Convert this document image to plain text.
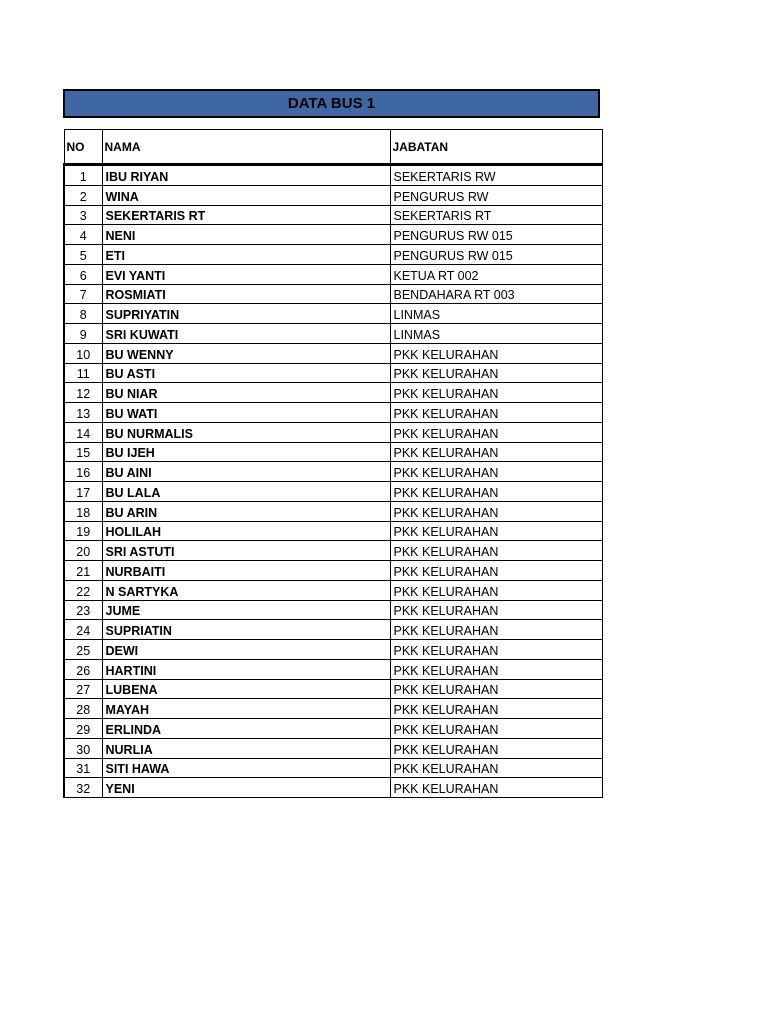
DATA BUS 1
NO	NAMA	JABATAN
1	IBU RIYAN	SEKERTARIS RW
2	WINA	PENGURUS RW
3	SEKERTARIS RT	SEKERTARIS RT
4	NENI	PENGURUS RW 015
5	ETI	PENGURUS RW 015
6	EVI YANTI	KETUA RT 002
7	ROSMIATI	BENDAHARA RT 003
8	SUPRIYATIN	LINMAS
9	SRI KUWATI	LINMAS
10	BU WENNY	PKK KELURAHAN
11	BU ASTI	PKK KELURAHAN
12	BU NIAR	PKK KELURAHAN
13	BU WATI	PKK KELURAHAN
14	BU NURMALIS	PKK KELURAHAN
15	BU IJEH	PKK KELURAHAN
16	BU AINI	PKK KELURAHAN
17	BU LALA	PKK KELURAHAN
18	BU ARIN	PKK KELURAHAN
19	HOLILAH	PKK KELURAHAN
20	SRI ASTUTI	PKK KELURAHAN
21	NURBAITI	PKK KELURAHAN
22	N SARTYKA	PKK KELURAHAN
23	JUME	PKK KELURAHAN
24	SUPRIATIN	PKK KELURAHAN
25	DEWI	PKK KELURAHAN
26	HARTINI	PKK KELURAHAN
27	LUBENA	PKK KELURAHAN
28	MAYAH	PKK KELURAHAN
29	ERLINDA	PKK KELURAHAN
30	NURLIA	PKK KELURAHAN
31	SITI HAWA	PKK KELURAHAN
32	YENI	PKK KELURAHAN
